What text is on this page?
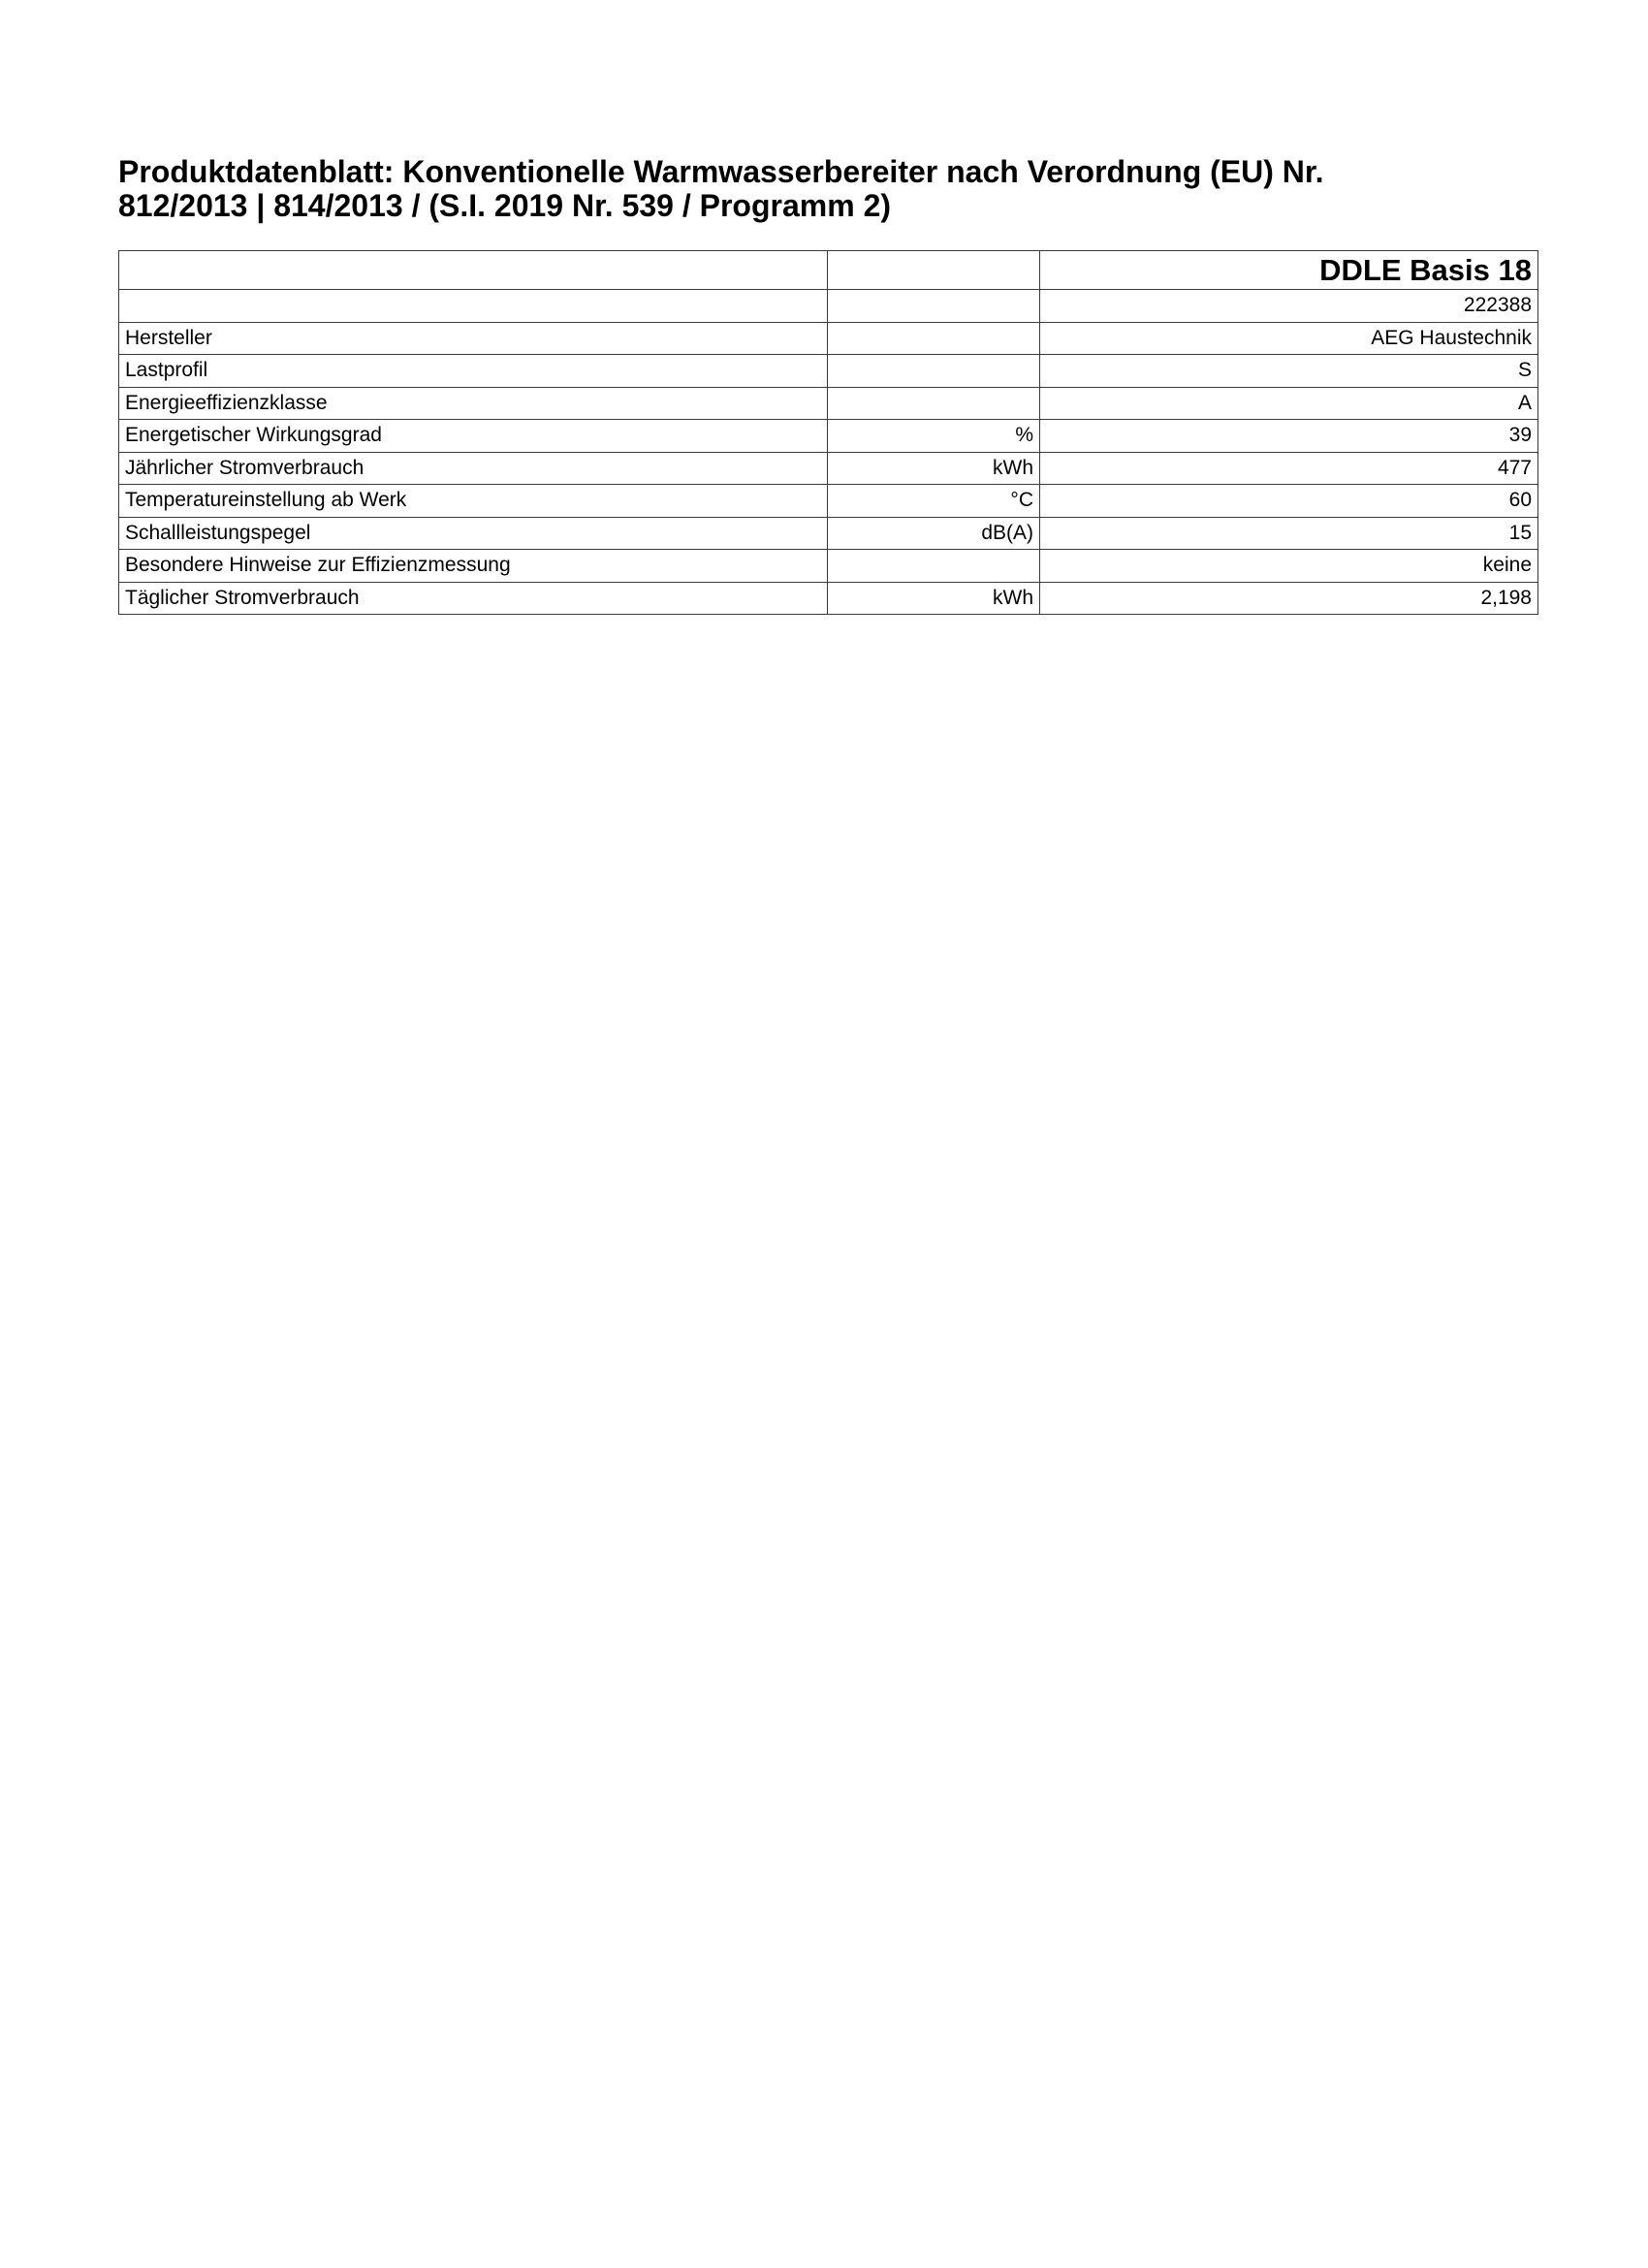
Produktdatenblatt: Konventionelle Warmwasserbereiter nach Verordnung (EU) Nr.
812/2013 | 814/2013 / (S.I. 2019 Nr. 539 / Programm 2)
		DDLE Basis 18
		222388
Hersteller		AEG Haustechnik
Lastprofil		S
Energieeffizienzklasse		A
Energetischer Wirkungsgrad	%	39
Jährlicher Stromverbrauch	kWh	477
Temperatureinstellung ab Werk	°C	60
Schallleistungspegel	dB(A)	15
Besondere Hinweise zur Effizienzmessung		keine
Täglicher Stromverbrauch	kWh	2,198
